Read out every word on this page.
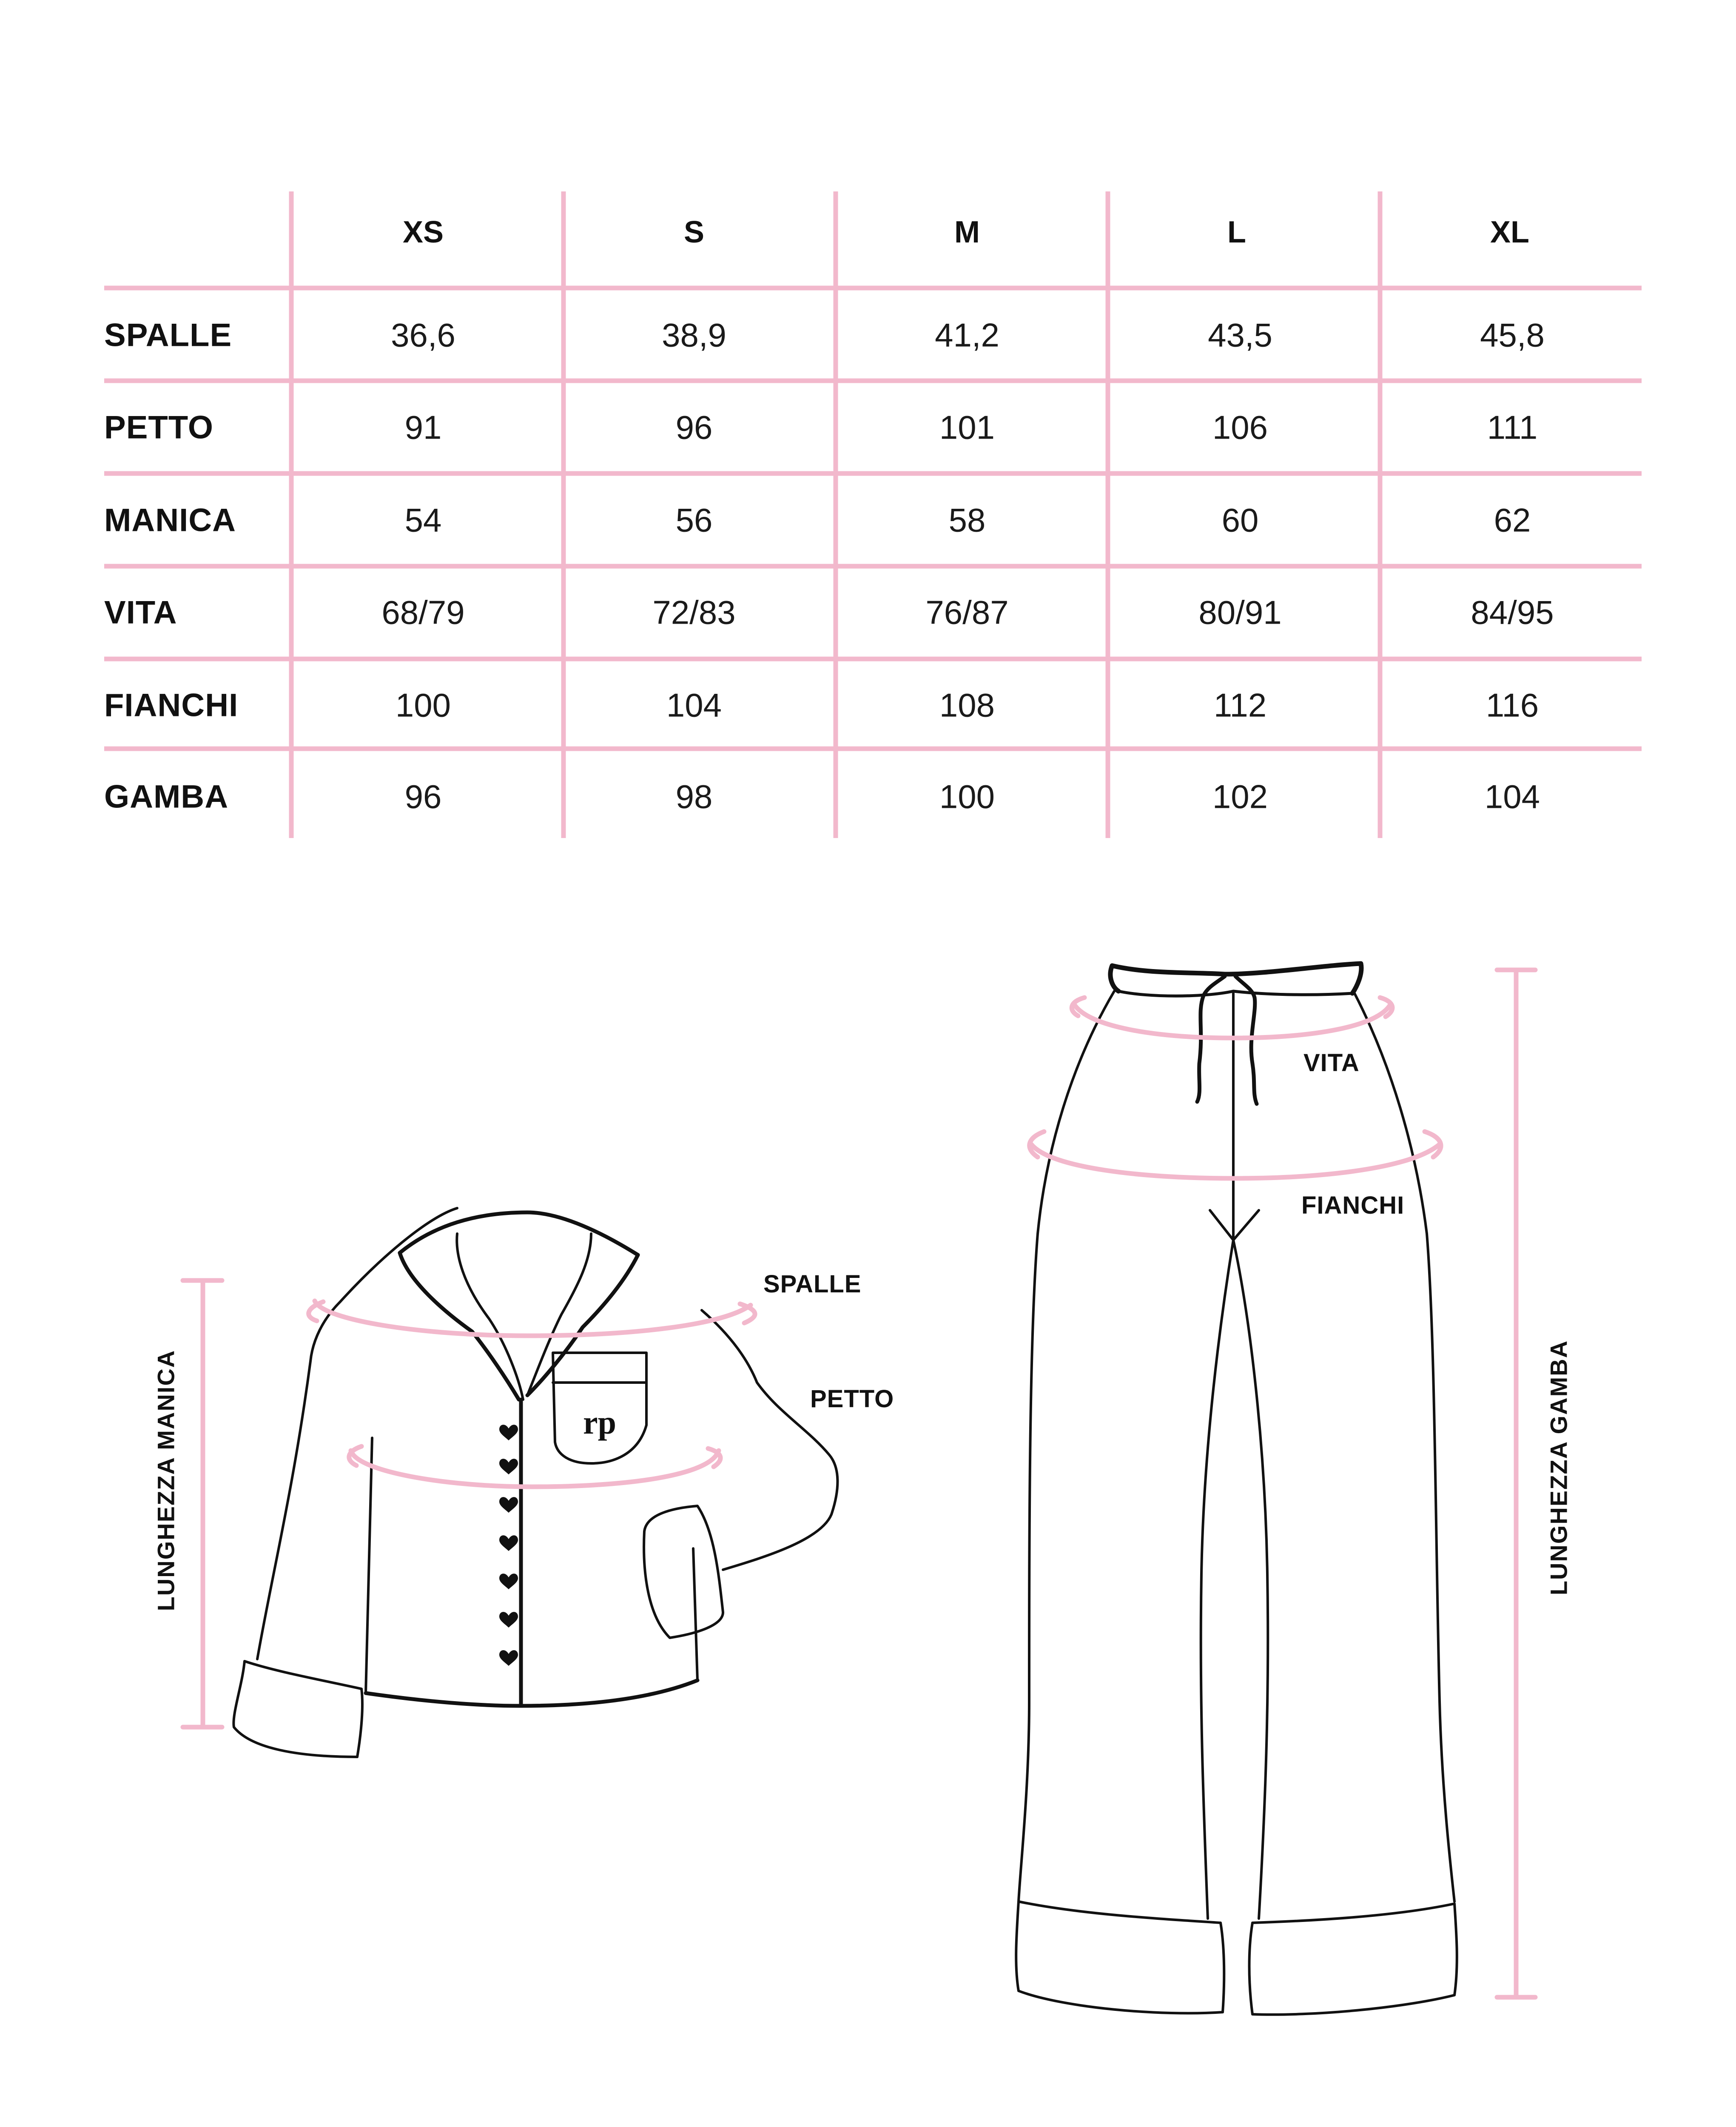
XS	S	M	L	XL
SPALLE	36,6	38,9	41,2	43,5	45,8
PETTO	91	96	101	106	111
MANICA	54	56	58	60	62
VITA	68/79	72/83	76/87	80/91	84/95
FIANCHI	100	104	108	112	116
GAMBA	96	98	100	102	104
rp
SPALLE
PETTO
VITA
FIANCHI
LUNGHEZZA MANICA	LUNGHEZZA GAMBA
